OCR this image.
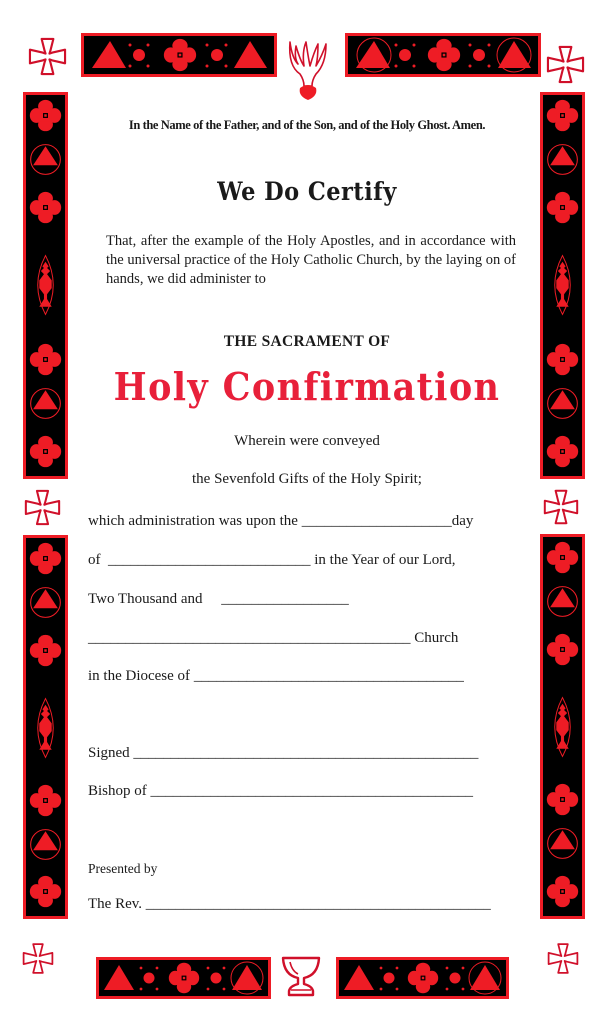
In the Name of the Father, and of the Son, and of the Holy Ghost. Amen.
We Do Certify
That, after the example of the Holy Apostles, and in accordance with the universal practice of the Holy Catholic Church, by the laying on of hands, we did administer to
THE SACRAMENT OF
Holy Confirmation
Wherein were conveyed
the Sevenfold Gifts of the Holy Spirit;
which administration was upon the ____________________day
of ___________________________ in the Year of our Lord,
Two Thousand and _________________
___________________________________________ Church
in the Diocese of ____________________________________
Signed ______________________________________________
Bishop of ___________________________________________
Presented by
The Rev. ______________________________________________
